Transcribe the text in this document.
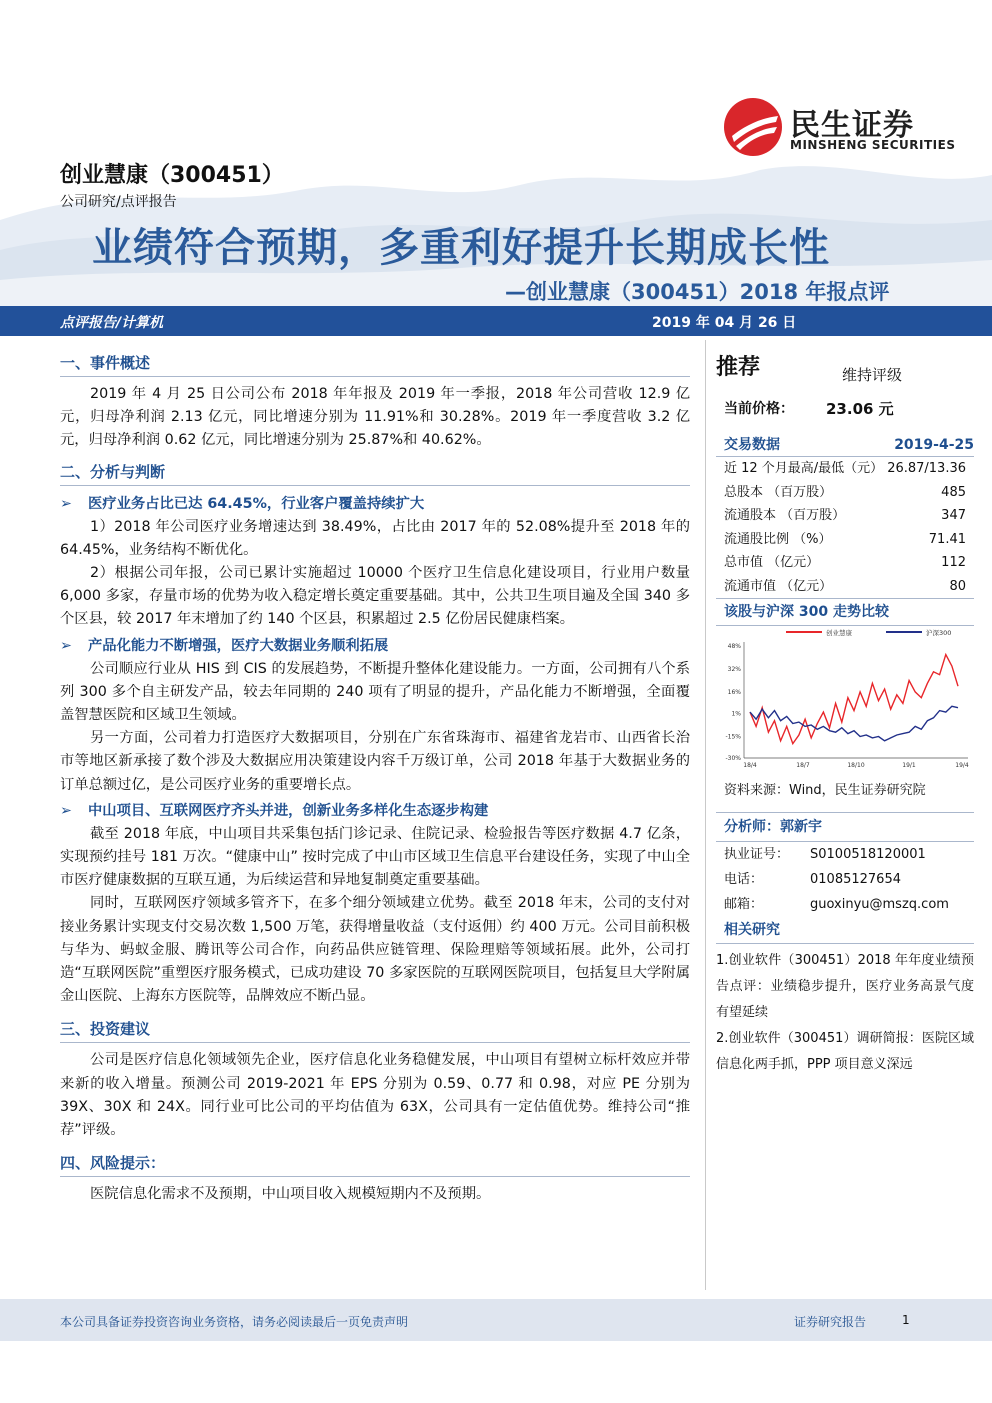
民生证券
MINSHENG SECURITIES
创业慧康（300451）
公司研究/点评报告
业绩符合预期，多重利好提升长期成长性
—创业慧康（300451）2018 年报点评
点评报告/计算机	2019 年 04 月 26 日
一、事件概述

2019 年 4 月 25 日公司公布 2018 年年报及 2019 年一季报，2018 年公司营收 12.9 亿元，归母净利润 2.13 亿元，同比增速分别为 11.91%和 30.28%。2019 年一季度营收 3.2 亿元，归母净利润 0.62 亿元，同比增速分别为 25.87%和 40.62%。

二、分析与判断
➢ 医疗业务占比已达 64.45%，行业客户覆盖持续扩大

1）2018 年公司医疗业务增速达到 38.49%，占比由 2017 年的 52.08%提升至 2018 年的 64.45%，业务结构不断优化。

2）根据公司年报，公司已累计实施超过 10000 个医疗卫生信息化建设项目，行业用户数量 6,000 多家，存量市场的优势为收入稳定增长奠定重要基础。其中，公共卫生项目遍及全国 340 多个区县，较 2017 年末增加了约 140 个区县，积累超过 2.5 亿份居民健康档案。

➢ 产品化能力不断增强，医疗大数据业务顺利拓展

公司顺应行业从 HIS 到 CIS 的发展趋势，不断提升整体化建设能力。一方面，公司拥有八个系列 300 多个自主研发产品，较去年同期的 240 项有了明显的提升，产品化能力不断增强，全面覆盖智慧医院和区域卫生领域。

另一方面，公司着力打造医疗大数据项目，分别在广东省珠海市、福建省龙岩市、山西省长治市等地区新承接了数个涉及大数据应用决策建设内容千万级订单，公司 2018 年基于大数据业务的订单总额过亿，是公司医疗业务的重要增长点。

➢ 中山项目、互联网医疗齐头并进，创新业务多样化生态逐步构建

截至 2018 年底，中山项目共采集包括门诊记录、住院记录、检验报告等医疗数据 4.7 亿条，实现预约挂号 181 万次。“健康中山” 按时完成了中山市区域卫生信息平台建设任务，实现了中山全市医疗健康数据的互联互通，为后续运营和异地复制奠定重要基础。

同时，互联网医疗领域多管齐下，在多个细分领域建立优势。截至 2018 年末，公司的支付对接业务累计实现支付交易次数 1,500 万笔，获得增量收益（支付返佣）约 400 万元。公司目前积极与华为、蚂蚁金服、腾讯等公司合作，向药品供应链管理、保险理赔等领域拓展。此外，公司打造“互联网医院”重塑医疗服务模式，已成功建设 70 多家医院的互联网医院项目，包括复旦大学附属金山医院、上海东方医院等，品牌效应不断凸显。

三、投资建议

公司是医疗信息化领域领先企业，医疗信息化业务稳健发展，中山项目有望树立标杆效应并带来新的收入增量。预测公司 2019-2021 年 EPS 分别为 0.59、0.77 和 0.98，对应 PE 分别为 39X、30X 和 24X。同行业可比公司的平均估值为 63X，公司具有一定估值优势。维持公司“推荐”评级。

四、风险提示：

医院信息化需求不及预期，中山项目收入规模短期内不及预期。

推荐	维持评级
当前价格： 23.06 元
交易数据	2019-4-25
近 12 个月最高/最低（元） 26.87/13.36
总股本 （百万股）	485
流通股本 （百万股）	347
流通股比例 （%）	71.41
总市值 （亿元）	112
流通市值 （亿元）	80
该股与沪深 300 走势比较
创业慧康	沪深300
48%
32%
16%
1%
-15%
-30%
18/4	18/7	18/10	19/1	19/4
资料来源：Wind，民生证券研究院
分析师：郭新宇
执业证号：	S0100518120001
电话：	01085127654
邮箱：	guoxinyu@mszq.com
相关研究
1.创业软件（300451）2018 年年度业绩预告点评：业绩稳步提升，医疗业务高景气度有望延续
2.创业软件（300451）调研简报：医院区域信息化两手抓，PPP 项目意义深远
本公司具备证券投资咨询业务资格，请务必阅读最后一页免责声明	证券研究报告	1
